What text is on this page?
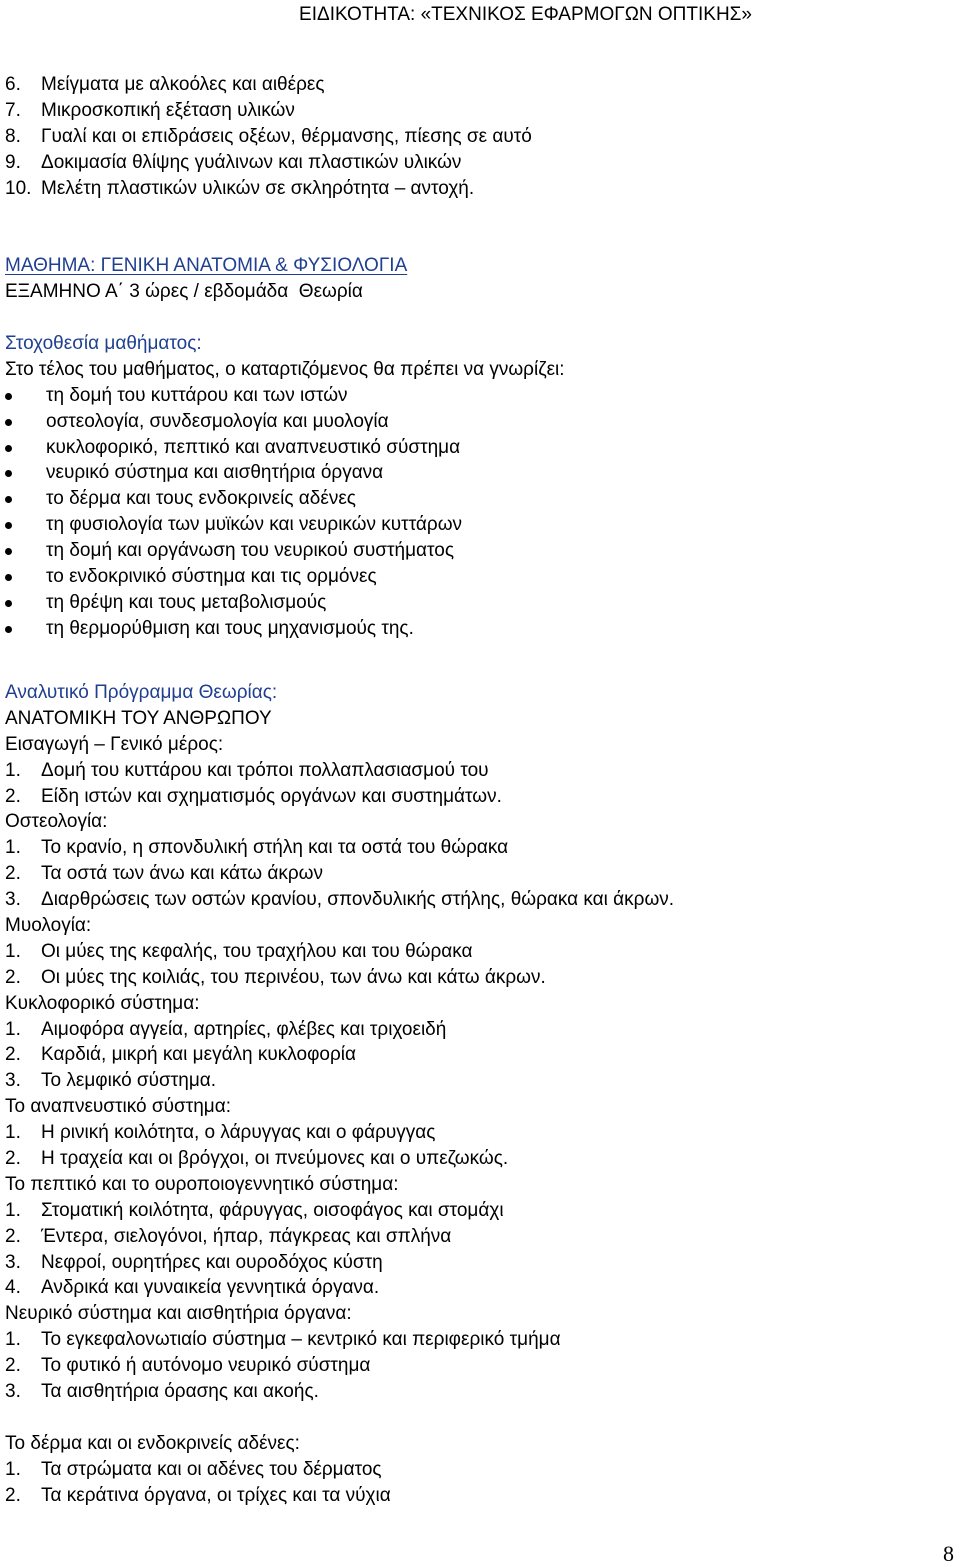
ΕΙΔΙΚΟΤΗΤΑ: «ΤΕΧΝΙΚΟΣ ΕΦΑΡΜΟΓΩΝ ΟΠΤΙΚΗΣ»
6. Μείγματα με αλκοόλες και αιθέρες
7. Μικροσκοπική εξέταση υλικών
8. Γυαλί και οι επιδράσεις οξέων, θέρμανσης, πίεσης σε αυτό
9. Δοκιμασία θλίψης γυάλινων και πλαστικών υλικών
10. Μελέτη πλαστικών υλικών σε σκληρότητα – αντοχή.
ΜΑΘΗΜΑ: ΓΕΝΙΚΗ ΑΝΑΤΟΜΙΑ & ΦΥΣΙΟΛΟΓΙΑ
ΕΞΑΜΗΝΟ Α΄ 3 ώρες / εβδομάδα  Θεωρία
Στοχοθεσία μαθήματος:
Στο τέλος του μαθήματος, ο καταρτιζόμενος θα πρέπει να γνωρίζει:
τη δομή του κυττάρου και των ιστών
οστεολογία, συνδεσμολογία και μυολογία
κυκλοφορικό, πεπτικό και αναπνευστικό σύστημα
νευρικό σύστημα και αισθητήρια όργανα
το δέρμα και τους ενδοκρινείς αδένες
τη φυσιολογία των μυϊκών και νευρικών κυττάρων
τη δομή και οργάνωση του νευρικού συστήματος
το ενδοκρινικό σύστημα και τις ορμόνες
τη θρέψη και τους μεταβολισμούς
τη θερμορύθμιση και τους μηχανισμούς της.
Αναλυτικό Πρόγραμμα Θεωρίας:
ΑΝΑΤΟΜΙΚΗ ΤΟΥ ΑΝΘΡΩΠΟΥ
Εισαγωγή – Γενικό μέρος:
1. Δομή του κυττάρου και τρόποι πολλαπλασιασμού του
2. Είδη ιστών και σχηματισμός οργάνων και συστημάτων.
Οστεολογία:
1. Το κρανίο, η σπονδυλική στήλη και τα οστά του θώρακα
2. Τα οστά των άνω και κάτω άκρων
3. Διαρθρώσεις των οστών κρανίου, σπονδυλικής στήλης, θώρακα και άκρων.
Μυολογία:
1. Οι μύες της κεφαλής, του τραχήλου και του θώρακα
2. Οι μύες της κοιλιάς, του περινέου, των άνω και κάτω άκρων.
Κυκλοφορικό σύστημα:
1. Αιμοφόρα αγγεία, αρτηρίες, φλέβες και τριχοειδή
2. Καρδιά, μικρή και μεγάλη κυκλοφορία
3. Το λεμφικό σύστημα.
Το αναπνευστικό σύστημα:
1. Η ρινική κοιλότητα, ο λάρυγγας και ο φάρυγγας
2. Η τραχεία και οι βρόγχοι, οι πνεύμονες και ο υπεζωκώς.
Το πεπτικό και το ουροποιογεννητικό σύστημα:
1. Στοματική κοιλότητα, φάρυγγας, οισοφάγος και στομάχι
2. Έντερα, σιελογόνοι, ήπαρ, πάγκρεας και σπλήνα
3. Νεφροί, ουρητήρες και ουροδόχος κύστη
4. Ανδρικά και γυναικεία γεννητικά όργανα.
Νευρικό σύστημα και αισθητήρια όργανα:
1. Το εγκεφαλονωτιαίο σύστημα – κεντρικό και περιφερικό τμήμα
2. Το φυτικό ή αυτόνομο νευρικό σύστημα
3. Τα αισθητήρια όρασης και ακοής.
Το δέρμα και οι ενδοκρινείς αδένες:
1. Τα στρώματα και οι αδένες του δέρματος
2. Τα κεράτινα όργανα, οι τρίχες και τα νύχια
8
